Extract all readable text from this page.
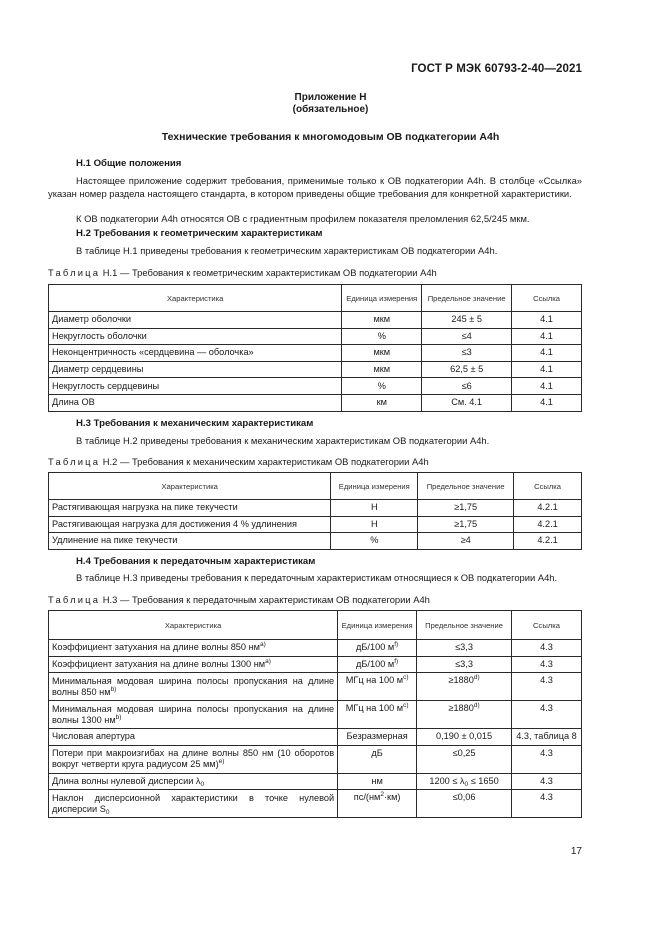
ГОСТ Р МЭК 60793-2-40—2021
Приложение Н
(обязательное)
Технические требования к многомодовым ОВ подкатегории А4h
Н.1 Общие положения
Настоящее приложение содержит требования, применимые только к ОВ подкатегории А4h. В столбце «Ссылка» указан номер раздела настоящего стандарта, в котором приведены общие требования для конкретной характеристики.
К ОВ подкатегории А4h относятся ОВ с градиентным профилем показателя преломления 62,5/245 мкм.
Н.2 Требования к геометрическим характеристикам
В таблице Н.1 приведены требования к геометрическим характеристикам ОВ подкатегории А4h.
Таблица Н.1 — Требования к геометрическим характеристикам ОВ подкатегории А4h
Характеристика	Единица измерения	Предельное значение	Ссылка
Диаметр оболочки	мкм	245 ± 5	4.1
Некруглость оболочки	%	≤4	4.1
Неконцентричность «сердцевина — оболочка»	мкм	≤3	4.1
Диаметр сердцевины	мкм	62,5 ± 5	4.1
Некруглость сердцевины	%	≤6	4.1
Длина ОВ	км	См. 4.1	4.1
Н.3 Требования к механическим характеристикам
В таблице Н.2 приведены требования к механическим характеристикам ОВ подкатегории А4h.
Таблица Н.2 — Требования к механическим характеристикам ОВ подкатегории А4h
Характеристика	Единица измерения	Предельное значение	Ссылка
Растягивающая нагрузка на пике текучести	Н	≥1,75	4.2.1
Растягивающая нагрузка для достижения 4 % удлинения	Н	≥1,75	4.2.1
Удлинение на пике текучести	%	≥4	4.2.1
Н.4 Требования к передаточным характеристикам
В таблице Н.3 приведены требования к передаточным характеристикам относящиеся к ОВ подкатегории А4h.
Таблица Н.3 — Требования к передаточным характеристикам ОВ подкатегории А4h
Характеристика	Единица измерения	Предельное значение	Ссылка
Коэффициент затухания на длине волны 850 $нм^{a)}$	дБ/100 $м^{f)}$	≤3,3	4.3
Коэффициент затухания на длине волны 1300 $нм^{a)}$	дБ/100 $м^{f)}$	≤3,3	4.3
Минимальная модовая ширина полосы пропускания на длине волны 850 $нм^{b)}$	МГц на 100 $м^{c)}$	$\ge 1880^{d)}$	4.3
Минимальная модовая ширина полосы пропускания на длине волны 1300 $нм^{b)}$	МГц на 100 $м^{c)}$	$\ge 1880^{d)}$	4.3
Числовая апертура	Безразмерная	0,190 ± 0,015	4.3, таблица 8
Потери при макроизгибах на длине волны 850 нм (10 оборотов вокруг четверти круга радиусом 25 мм)$^{e)}$	дБ	≤0,25	4.3
Длина волны нулевой дисперсии $\lambda_0$	нм	$1200 \le \lambda_0 \le 1650$	4.3
Наклон дисперсионной характеристики в точке нулевой дисперсии $S_0$	$пс/(нм^2\cdot км)$	≤0,06	4.3
17
